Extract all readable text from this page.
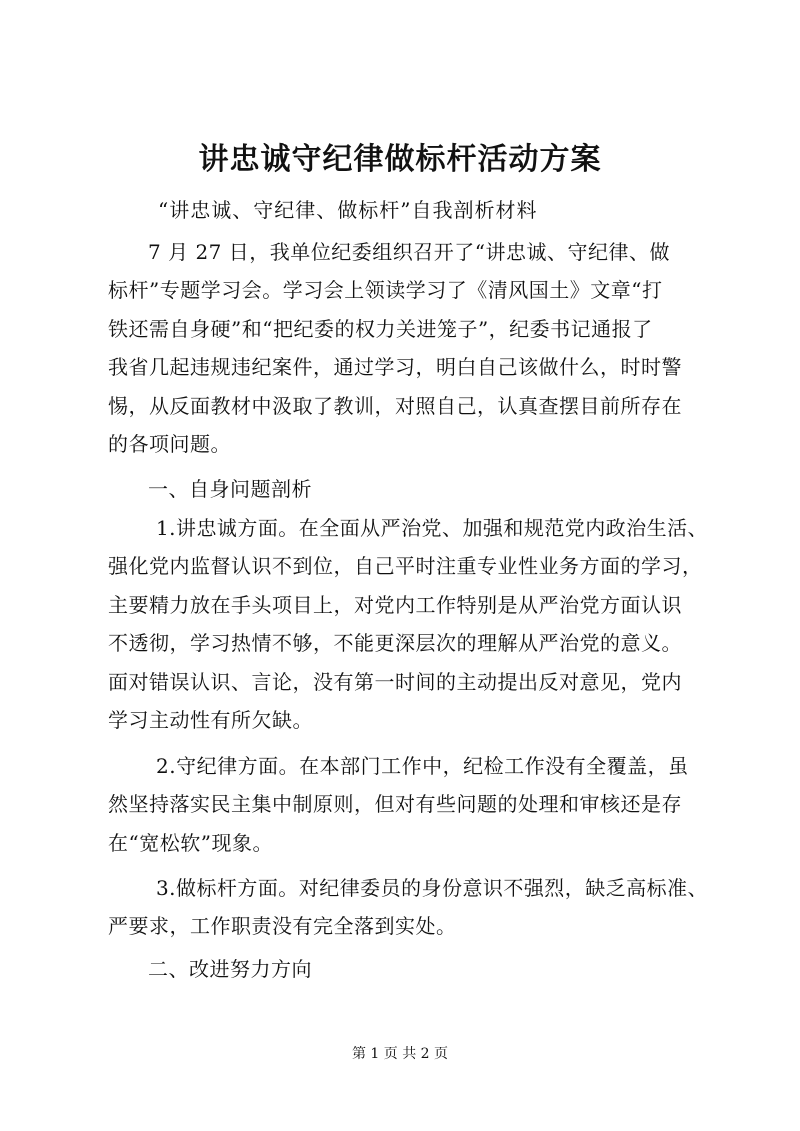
讲忠诚守纪律做标杆活动方案
“讲忠诚、守纪律、做标杆”自我剖析材料
7 月 27 日，我单位纪委组织召开了“讲忠诚、守纪律、做
标杆”专题学习会。学习会上领读学习了《清风国土》文章“打
铁还需自身硬”和“把纪委的权力关进笼子”，纪委书记通报了
我省几起违规违纪案件，通过学习，明白自己该做什么，时时警
惕，从反面教材中汲取了教训，对照自己，认真查摆目前所存在
的各项问题。
一、自身问题剖析
1.讲忠诚方面。在全面从严治党、加强和规范党内政治生活、
强化党内监督认识不到位，自己平时注重专业性业务方面的学习，
主要精力放在手头项目上，对党内工作特别是从严治党方面认识
不透彻，学习热情不够，不能更深层次的理解从严治党的意义。
面对错误认识、言论，没有第一时间的主动提出反对意见，党内
学习主动性有所欠缺。
2.守纪律方面。在本部门工作中，纪检工作没有全覆盖，虽
然坚持落实民主集中制原则，但对有些问题的处理和审核还是存
在“宽松软”现象。
3.做标杆方面。对纪律委员的身份意识不强烈，缺乏高标准、
严要求，工作职责没有完全落到实处。
二、改进努力方向
第 1 页 共 2 页
